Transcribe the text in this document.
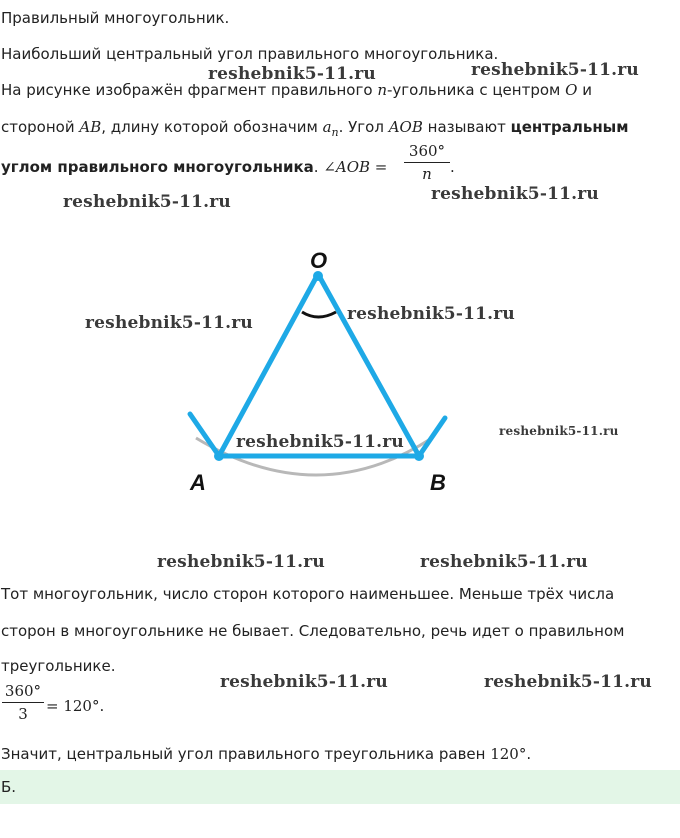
Правильный многоугольник.

Наибольший центральный угол правильного многоугольника.

На рисунке изображён фрагмент правильного n-угольника с центром O и

стороной AB, длину которой обозначим $a_n$. Угол AOB называют центральным

углом правильного многоугольника. ∠AOB =

360°
n	.
O
A	B

Тот многоугольник, число сторон которого наименьшее. Меньше трёх числа

сторон в многоугольнике не бывает. Следовательно, речь идет о правильном

треугольнике.

360°
3	= 120°.

Значит, центральный угол правильного треугольника равен 120°.

Б.
reshebnik5-11.ru	reshebnik5-11.ru
reshebnik5-11.ru
reshebnik5-11.ru
reshebnik5-11.ru	reshebnik5-11.ru
reshebnik5-11.ru
reshebnik5-11.ru
reshebnik5-11.ru	reshebnik5-11.ru
reshebnik5-11.ru	reshebnik5-11.ru
